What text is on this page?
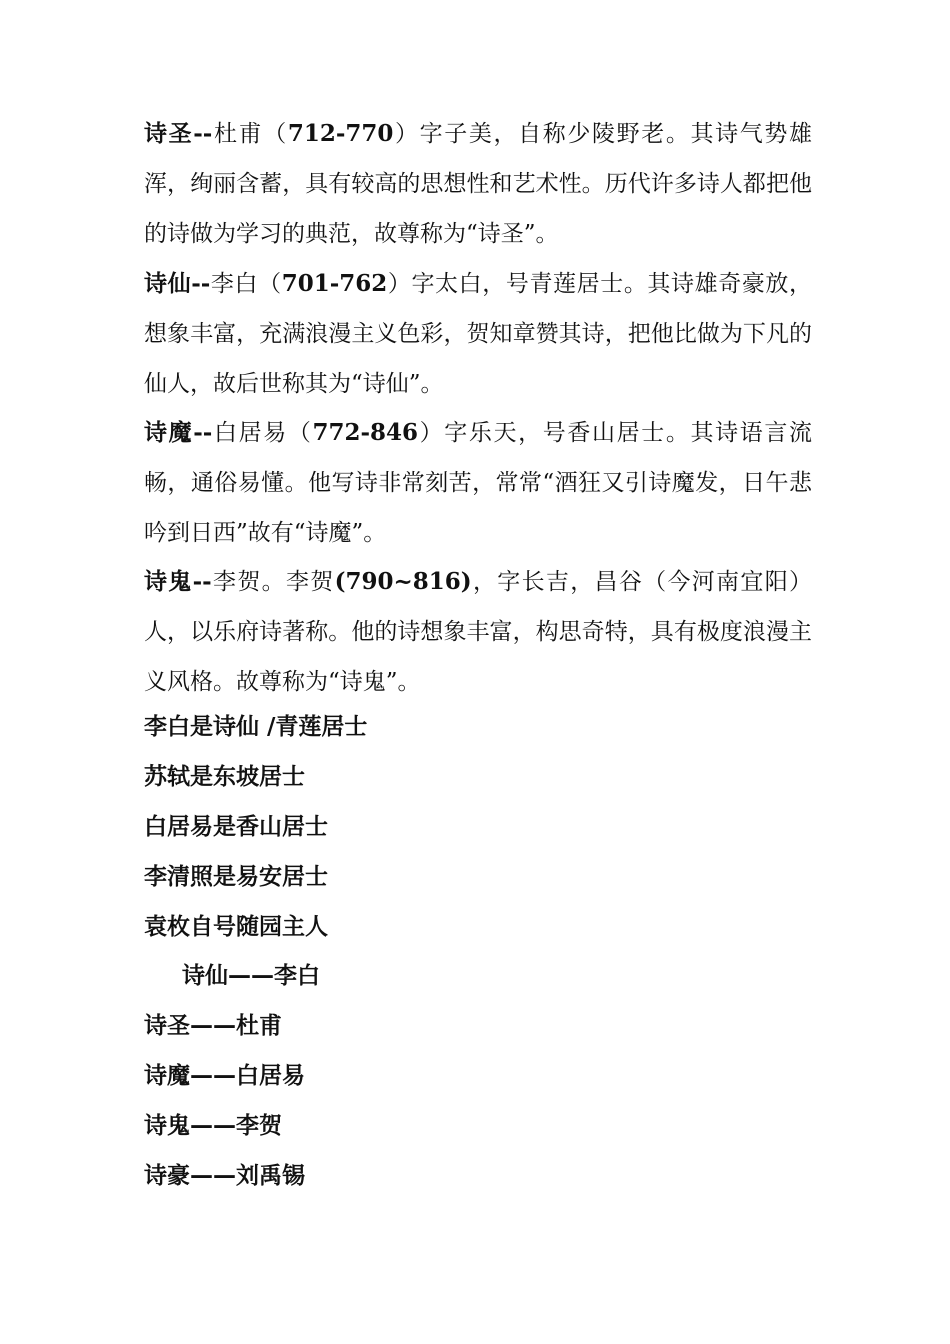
诗圣--杜甫（712-770）字子美，自称少陵野老。其诗气势雄浑，绚丽含蓄，具有较高的思想性和艺术性。历代许多诗人都把他的诗做为学习的典范，故尊称为“诗圣”。

诗仙--李白（701-762）字太白，号青莲居士。其诗雄奇豪放，想象丰富，充满浪漫主义色彩，贺知章赞其诗，把他比做为下凡的仙人，故后世称其为“诗仙”。

诗魔--白居易（772-846）字乐天，号香山居士。其诗语言流畅，通俗易懂。他写诗非常刻苦，常常“酒狂又引诗魔发，日午悲吟到日西”故有“诗魔”。

诗鬼--李贺。李贺(790~816)，字长吉，昌谷（今河南宜阳）人，以乐府诗著称。他的诗想象丰富，构思奇特，具有极度浪漫主义风格。故尊称为“诗鬼”。

李白是诗仙 /青莲居士

苏轼是东坡居士

白居易是香山居士

李清照是易安居士

袁枚自号随园主人

诗仙——李白

诗圣——杜甫

诗魔——白居易

诗鬼——李贺

诗豪——刘禹锡
